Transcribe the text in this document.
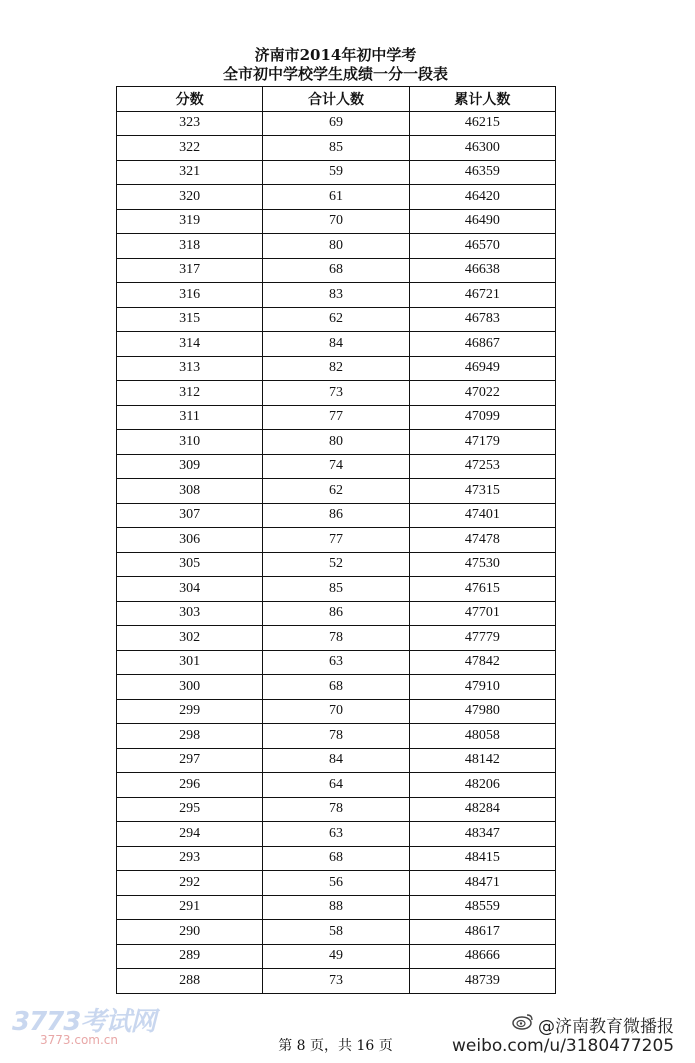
济南市2014年初中学考
全市初中学校学生成绩一分一段表
分数	合计人数	累计人数
323	69	46215
322	85	46300
321	59	46359
320	61	46420
319	70	46490
318	80	46570
317	68	46638
316	83	46721
315	62	46783
314	84	46867
313	82	46949
312	73	47022
311	77	47099
310	80	47179
309	74	47253
308	62	47315
307	86	47401
306	77	47478
305	52	47530
304	85	47615
303	86	47701
302	78	47779
301	63	47842
300	68	47910
299	70	47980
298	78	48058
297	84	48142
296	64	48206
295	78	48284
294	63	48347
293	68	48415
292	56	48471
291	88	48559
290	58	48617
289	49	48666
288	73	48739
第 8 页，共 16 页
3773考试网
3773.com.cn
@济南教育微播报
weibo.com/u/3180477205
